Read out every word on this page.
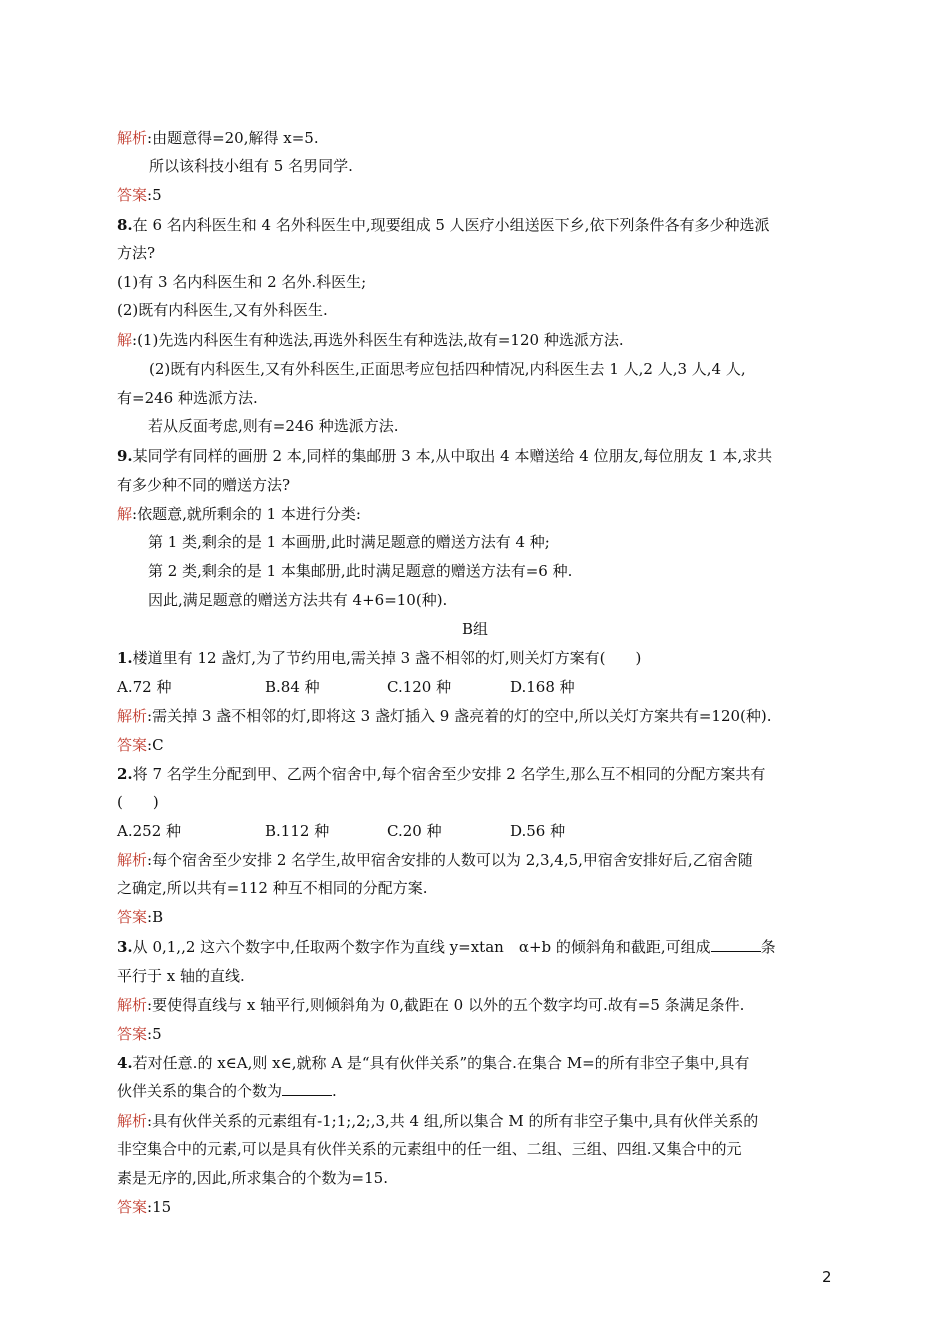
解析:由题意得=20,解得 x=5.
所以该科技小组有 5 名男同学.
答案:5
8.在 6 名内科医生和 4 名外科医生中,现要组成 5 人医疗小组送医下乡,依下列条件各有多少种选派
方法?
(1)有 3 名内科医生和 2 名外.科医生;
(2)既有内科医生,又有外科医生.
解:(1)先选内科医生有种选法,再选外科医生有种选法,故有=120 种选派方法.
(2)既有内科医生,又有外科医生,正面思考应包括四种情况,内科医生去 1 人,2 人,3 人,4 人,
有=246 种选派方法.
若从反面考虑,则有=246 种选派方法.
9.某同学有同样的画册 2 本,同样的集邮册 3 本,从中取出 4 本赠送给 4 位朋友,每位朋友 1 本,求共
有多少种不同的赠送方法?
解:依题意,就所剩余的 1 本进行分类:
第 1 类,剩余的是 1 本画册,此时满足题意的赠送方法有 4 种;
第 2 类,剩余的是 1 本集邮册,此时满足题意的赠送方法有=6 种.
因此,满足题意的赠送方法共有 4+6=10(种).
B组
1.楼道里有 12 盏灯,为了节约用电,需关掉 3 盏不相邻的灯,则关灯方案有(　　)
A.72 种	B.84 种	C.120 种	D.168 种
解析:需关掉 3 盏不相邻的灯,即将这 3 盏灯插入 9 盏亮着的灯的空中,所以关灯方案共有=120(种).
答案:C
2.将 7 名学生分配到甲、乙两个宿舍中,每个宿舍至少安排 2 名学生,那么互不相同的分配方案共有
(　　)
A.252 种	B.112 种	C.20 种	D.56 种
解析:每个宿舍至少安排 2 名学生,故甲宿舍安排的人数可以为 2,3,4,5,甲宿舍安排好后,乙宿舍随
之确定,所以共有=112 种互不相同的分配方案.
答案:B
3.从 0,1,,2 这六个数字中,任取两个数字作为直线 y=xtan　α+b 的倾斜角和截距,可组成	条
平行于 x 轴的直线.
解析:要使得直线与 x 轴平行,则倾斜角为 0,截距在 0 以外的五个数字均可.故有=5 条满足条件.
答案:5
4.若对任意.的 x∈A,则 x∈,就称 A 是“具有伙伴关系”的集合.在集合 M=的所有非空子集中,具有
伙伴关系的集合的个数为	.
解析:具有伙伴关系的元素组有-1;1;,2;,3,共 4 组,所以集合 M 的所有非空子集中,具有伙伴关系的
非空集合中的元素,可以是具有伙伴关系的元素组中的任一组、二组、三组、四组.又集合中的元
素是无序的,因此,所求集合的个数为=15.
答案:15
2
